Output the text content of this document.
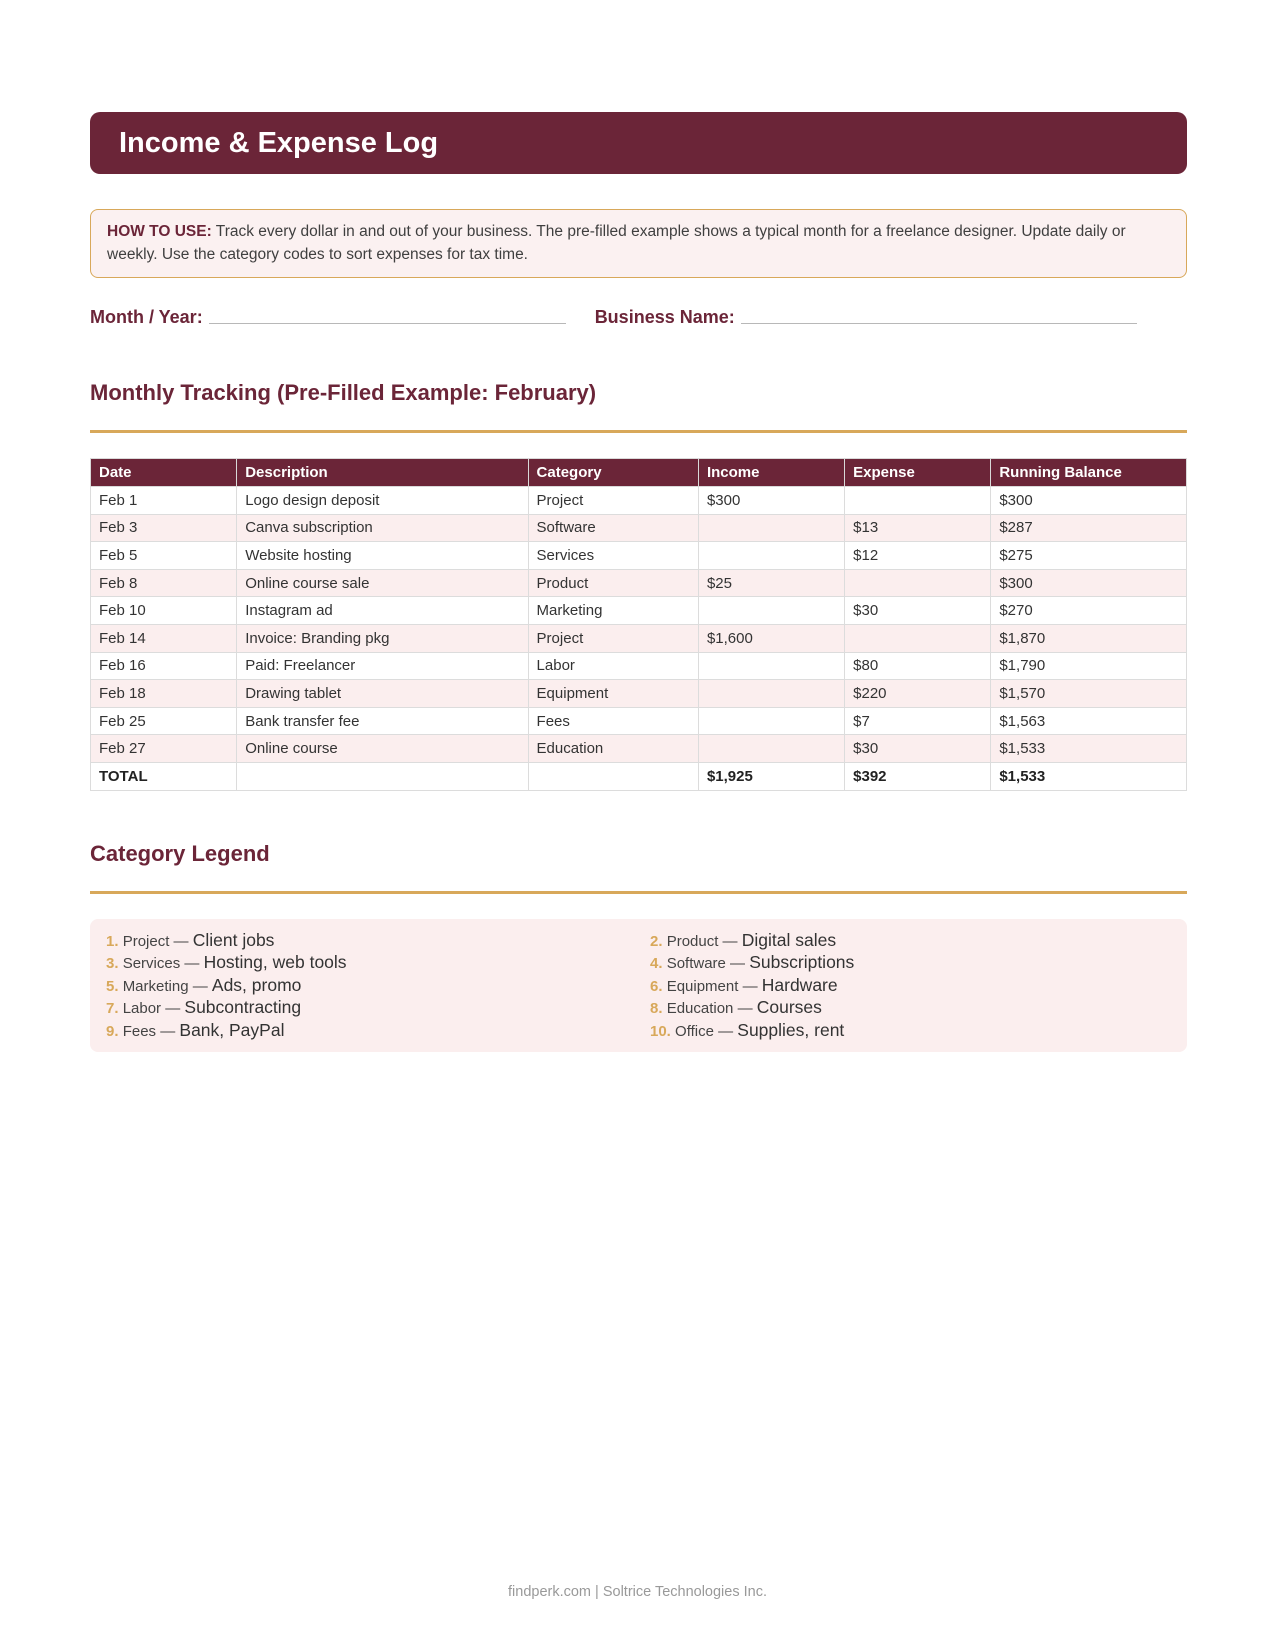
Income & Expense Log
HOW TO USE: Track every dollar in and out of your business. The pre-filled example shows a typical month for a freelance designer. Update daily or weekly. Use the category codes to sort expenses for tax time.
Month / Year:	Business Name:
Monthly Tracking (Pre-Filled Example: February)
Date	Description	Category	Income	Expense	Running Balance
Feb 1	Logo design deposit	Project	$300		$300
Feb 3	Canva subscription	Software		$13	$287
Feb 5	Website hosting	Services		$12	$275
Feb 8	Online course sale	Product	$25		$300
Feb 10	Instagram ad	Marketing		$30	$270
Feb 14	Invoice: Branding pkg	Project	$1,600		$1,870
Feb 16	Paid: Freelancer	Labor		$80	$1,790
Feb 18	Drawing tablet	Equipment		$220	$1,570
Feb 25	Bank transfer fee	Fees		$7	$1,563
Feb 27	Online course	Education		$30	$1,533
TOTAL			$1,925	$392	$1,533
Category Legend
1. Project — Client jobs	2. Product — Digital sales
3. Services — Hosting, web tools	4. Software — Subscriptions
5. Marketing — Ads, promo	6. Equipment — Hardware
7. Labor — Subcontracting	8. Education — Courses
9. Fees — Bank, PayPal	10. Office — Supplies, rent
findperk.com | Soltrice Technologies Inc.
